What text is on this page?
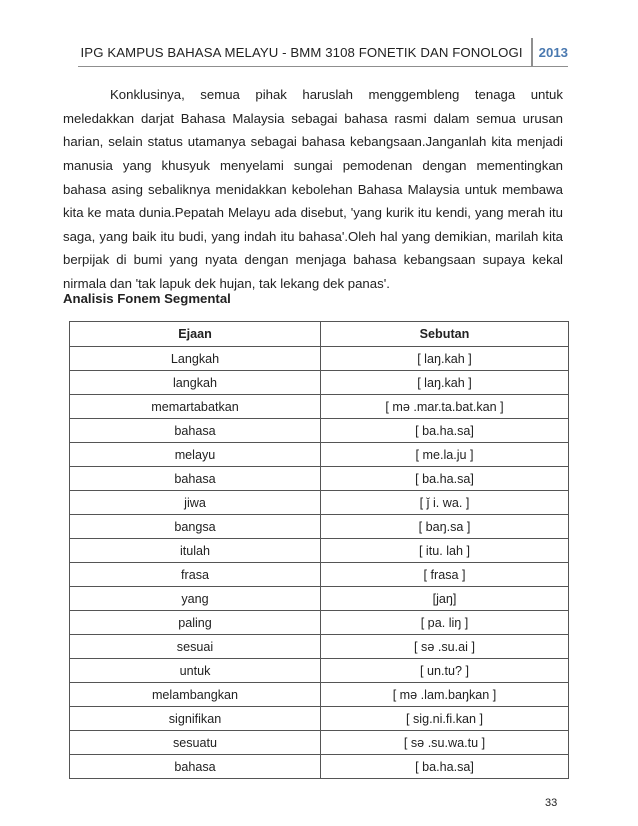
IPG KAMPUS BAHASA MELAYU - BMM 3108 FONETIK DAN FONOLOGI	2013

Konklusinya, semua pihak haruslah menggembleng tenaga untuk meledakkan darjat Bahasa Malaysia sebagai bahasa rasmi dalam semua urusan harian, selain status utamanya sebagai bahasa kebangsaan.Janganlah kita menjadi manusia yang khusyuk menyelami sungai pemodenan dengan mementingkan bahasa asing sebaliknya menidakkan kebolehan Bahasa Malaysia untuk membawa kita ke mata dunia.Pepatah Melayu ada disebut, 'yang kurik itu kendi, yang merah itu saga, yang baik itu budi, yang indah itu bahasa'.Oleh hal yang demikian, marilah kita berpijak di bumi yang nyata dengan menjaga bahasa kebangsaan supaya kekal nirmala dan 'tak lapuk dek hujan, tak lekang dek panas'.

Analisis Fonem Segmental
Ejaan	Sebutan
Langkah	[ laŋ.kah ]
langkah	[ laŋ.kah ]
memartabatkan	[ mə .mar.ta.bat.kan ]
bahasa	[ ba.ha.sa]
melayu	[ me.la.ju ]
bahasa	[ ba.ha.sa]
jiwa	[ ǰ i. wa. ]
bangsa	[ baŋ.sa ]
itulah	[ itu. lah ]
frasa	[ frasa ]
yang	[jaŋ]
paling	[ pa. liŋ ]
sesuai	[ sə .su.ai ]
untuk	[ un.tu? ]
melambangkan	[ mə .lam.baŋkan ]
signifikan	[ sig.ni.fi.kan ]
sesuatu	[ sə .su.wa.tu ]
bahasa	[ ba.ha.sa]
33
